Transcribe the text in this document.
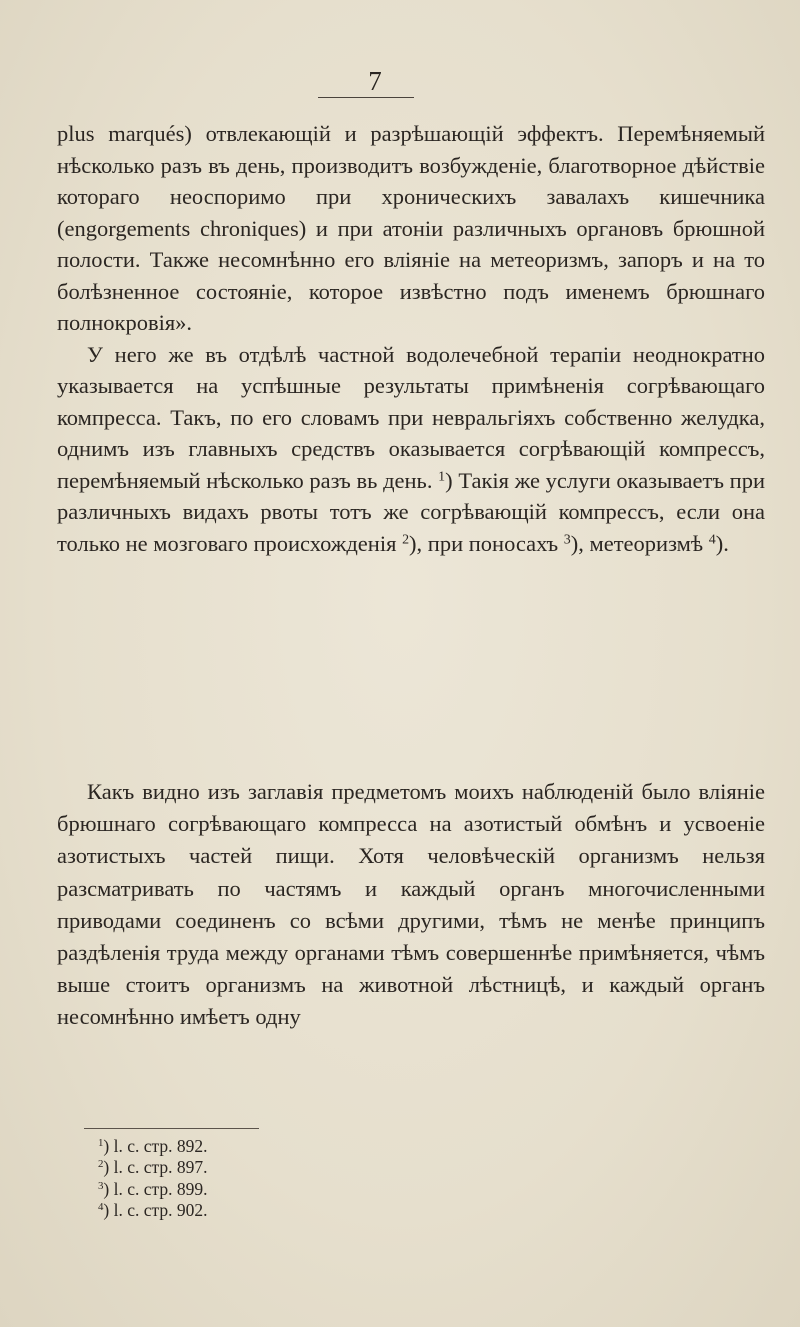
7

plus marqués) отвлекающій и разрѣшающій эффектъ. Перемѣняемый нѣсколько разъ въ день, производитъ возбужденіе, благотворное дѣйствіе котораго неоспоримо при хроническихъ завалахъ кишечника (engorgements chroniques) и при атоніи различныхъ органовъ брюшной полости. Также несомнѣнно его вліяніе на метеоризмъ, запоръ и на то болѣзненное состояніе, которое извѣстно подъ именемъ брюшнаго полнокровія».

У него же въ отдѣлѣ частной водолечебной терапіи неоднократно указывается на успѣшные результаты примѣненія согрѣвающаго компресса. Такъ, по его словамъ при невральгіяхъ собственно желудка, однимъ изъ главныхъ средствъ оказывается согрѣвающій компрессъ, перемѣняемый нѣсколько разъ вь день. $^1$) Такія же услуги оказываетъ при различныхъ видахъ рвоты тотъ же согрѣвающій компрессъ, если она только не мозговаго происхожденія $^2$), при поносахъ $^3$), метеоризмѣ $^4$).

Какъ видно изъ заглавія предметомъ моихъ наблюденій было вліяніе брюшнаго согрѣвающаго компресса на азотистый обмѣнъ и усвоеніе азотистыхъ частей пищи. Хотя человѣческій организмъ нельзя разсматривать по частямъ и каждый органъ многочисленными приводами соединенъ со всѣми другими, тѣмъ не менѣе принципъ раздѣленія труда между органами тѣмъ совершеннѣе примѣняется, чѣмъ выше стоитъ организмъ на животной лѣстницѣ, и каждый органъ несомнѣнно имѣетъ одну

$^1$) l. c. стр. 892.
$^2$) l. c. стр. 897.
$^3$) l. c. стр. 899.
$^4$) l. c. стр. 902.
